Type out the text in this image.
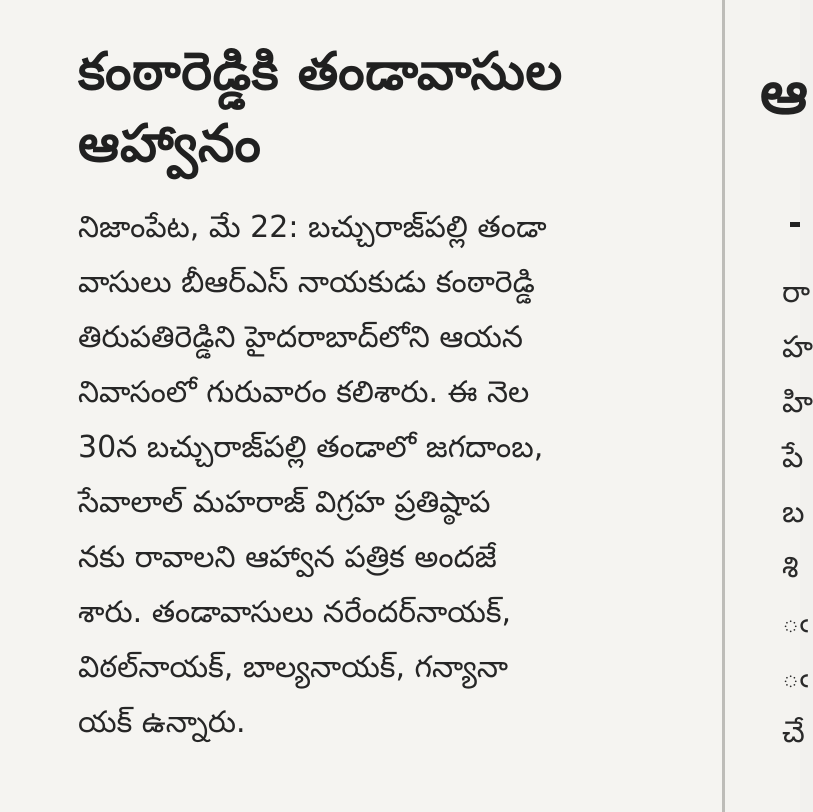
కంఠారెడ్డికి తండావాసుల
ఆహ్వానం
నిజాంపేట, మే 22: బచ్చురాజ్‌పల్లి తండా
వాసులు బీఆర్ఎస్ నాయకుడు కంఠారెడ్డి
తిరుపతిరెడ్డిని హైదరాబాద్‌లోని ఆయన
నివాసంలో గురువారం కలిశారు. ఈ నెల
30న బచ్చురాజ్‌పల్లి తండాలో జగదాంబ,
సేవాలాల్ మహరాజ్ విగ్రహ ప్రతిష్ఠాప
నకు రావాలని ఆహ్వాన పత్రిక అందజే
శారు. తండావాసులు నరేందర్‌నాయక్,
విఠల్‌నాయక్, బాల్యనాయక్, గన్యానా
యక్ ఉన్నారు.
ఆ
రా
హ
హి
పే
బ
శి
ఁ
ఁ
చే
